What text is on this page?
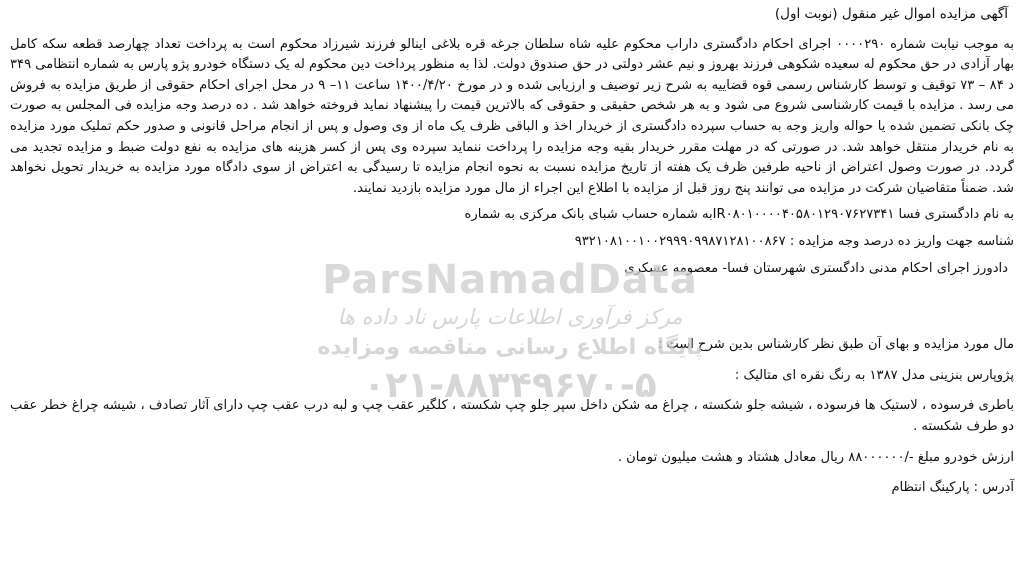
آگهی مزایده اموال غیر منقول (نوبت اول)

به موجب نیابت شماره ۰۰۰۰۲۹۰ اجرای احکام دادگستری داراب محکوم علیه شاه سلطان جرغه قره بلاغی اینالو فرزند شیرزاد محکوم است به پرداخت تعداد چهارصد قطعه سکه کامل بهار آزادی در حق محکوم له سعیده شکوهی فرزند بهروز و نیم عشر دولتی در حق صندوق دولت. لذا به منظور پرداخت دین محکوم له یک دستگاه خودرو پژو پارس به شماره انتظامی ۳۴۹ د ۸۴ – ۷۳ توقیف و توسط کارشناس رسمی قوه قضاییه به شرح زیر توصیف و ارزیابی شده و در مورخ ۱۴۰۰/۴/۲۰ ساعت ۱۱– ۹ در محل اجرای احکام حقوقی از طریق مزایده به فروش می رسد . مزایده با قیمت کارشناسی شروع می شود و به هر شخص حقیقی و حقوقی که بالاترین قیمت را پیشنهاد نماید فروخته خواهد شد . ده درصد وجه مزایده فی المجلس به صورت چک بانکی تضمین شده یا حواله واریز وجه به حساب سپرده دادگستری از خریدار اخذ و الباقی ظرف یک ماه از وی وصول و پس از انجام مراحل قانونی و صدور حکم تملیک مورد مزایده به نام خریدار منتقل خواهد شد. در صورتی که در مهلت مقرر خریدار بقیه وجه مزایده را پرداخت ننماید سپرده وی پس از کسر هزینه های مزایده به نفع دولت ضبط و مزایده تجدید می گردد. در صورت وصول اعتراض از ناحیه طرفین ظرف یک هفته از تاریخ مزایده نسبت به نحوه انجام مزایده تا رسیدگی به اعتراض از سوی دادگاه مورد مزایده به خریدار تحویل نخواهد شد. ضمناً متقاضیان شرکت در مزایده می توانند پنج روز قبل از مزایده با اطلاع این اجراء از مال مورد مزایده بازدید نمایند.

به نام دادگستری فسا IR۰۸۰۱۰۰۰۰۴۰۵۸۰۱۲۹۰۷۶۲۷۳۴۱به شماره حساب شبای بانک مرکزی به شماره

شناسه جهت واریز ده درصد وجه مزایده : ۹۳۲۱۰۸۱۰۰۱۰۰۲۹۹۹۰۹۹۸۷۱۲۸۱۰۰۸۶۷

دادورز اجرای احکام مدنی دادگستری شهرستان فسا- معصومه عسکری

مال مورد مزایده و بهای آن طبق نظر کارشناس بدین شرح است :

پژوپارس بنزینی مدل ۱۳۸۷ به رنگ نقره ای متالیک :

باطری فرسوده ، لاستیک ها فرسوده ، شیشه جلو شکسته ، چراغ مه شکن داخل سپر جلو چپ شکسته ، کلگیر عقب چپ و لبه درب عقب چپ دارای آثار تصادف ، شیشه چراغ خطر عقب دو طرف شکسته .

ارزش خودرو مبلغ -/۸۸۰۰۰۰۰۰ ریال معادل هشتاد و هشت میلیون تومان .

آدرس : پارکینگ انتظام

ParsNamadData
مرکز فرآوری اطلاعات پارس ناد داده ها
پایگاه اطلاع رسانی مناقصه ومزایده
۰۲۱-۸۸۳۴۹۶۷۰-۵
